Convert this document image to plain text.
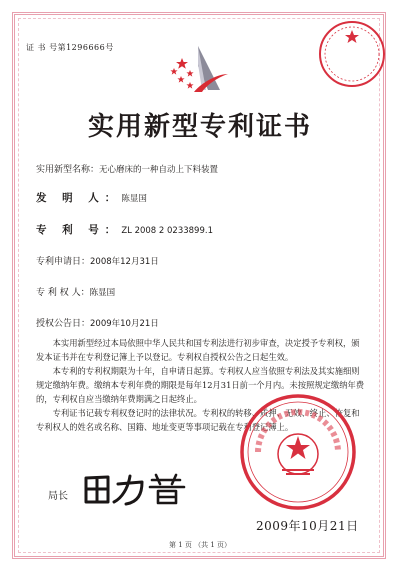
证 书 号第1296666号
实用新型专利证书
实用新型名称：无心磨床的一种自动上下料装置
发 明 人：陈显国
专 利 号：ZL 2008 2 0233899.1
专利申请日：2008年12月31日
专 利 权 人：陈显国
授权公告日：2009年10月21日
本实用新型经过本局依照中华人民共和国专利法进行初步审查，决定授予专利权，颁发本证书并在专利登记簿上予以登记。专利权自授权公告之日起生效。
本专利的专利权期限为十年，自申请日起算。专利权人应当依照专利法及其实施细则规定缴纳年费。缴纳本专利年费的期限是每年12月31日前一个月内。未按照规定缴纳年费的，专利权自应当缴纳年费期满之日起终止。
专利证书记载专利权登记时的法律状况。专利权的转移、质押、无效、终止、恢复和专利权人的姓名或名称、国籍、地址变更等事项记载在专利登记簿上。
局长
2009年10月21日
第 1 页 （共 1 页）
